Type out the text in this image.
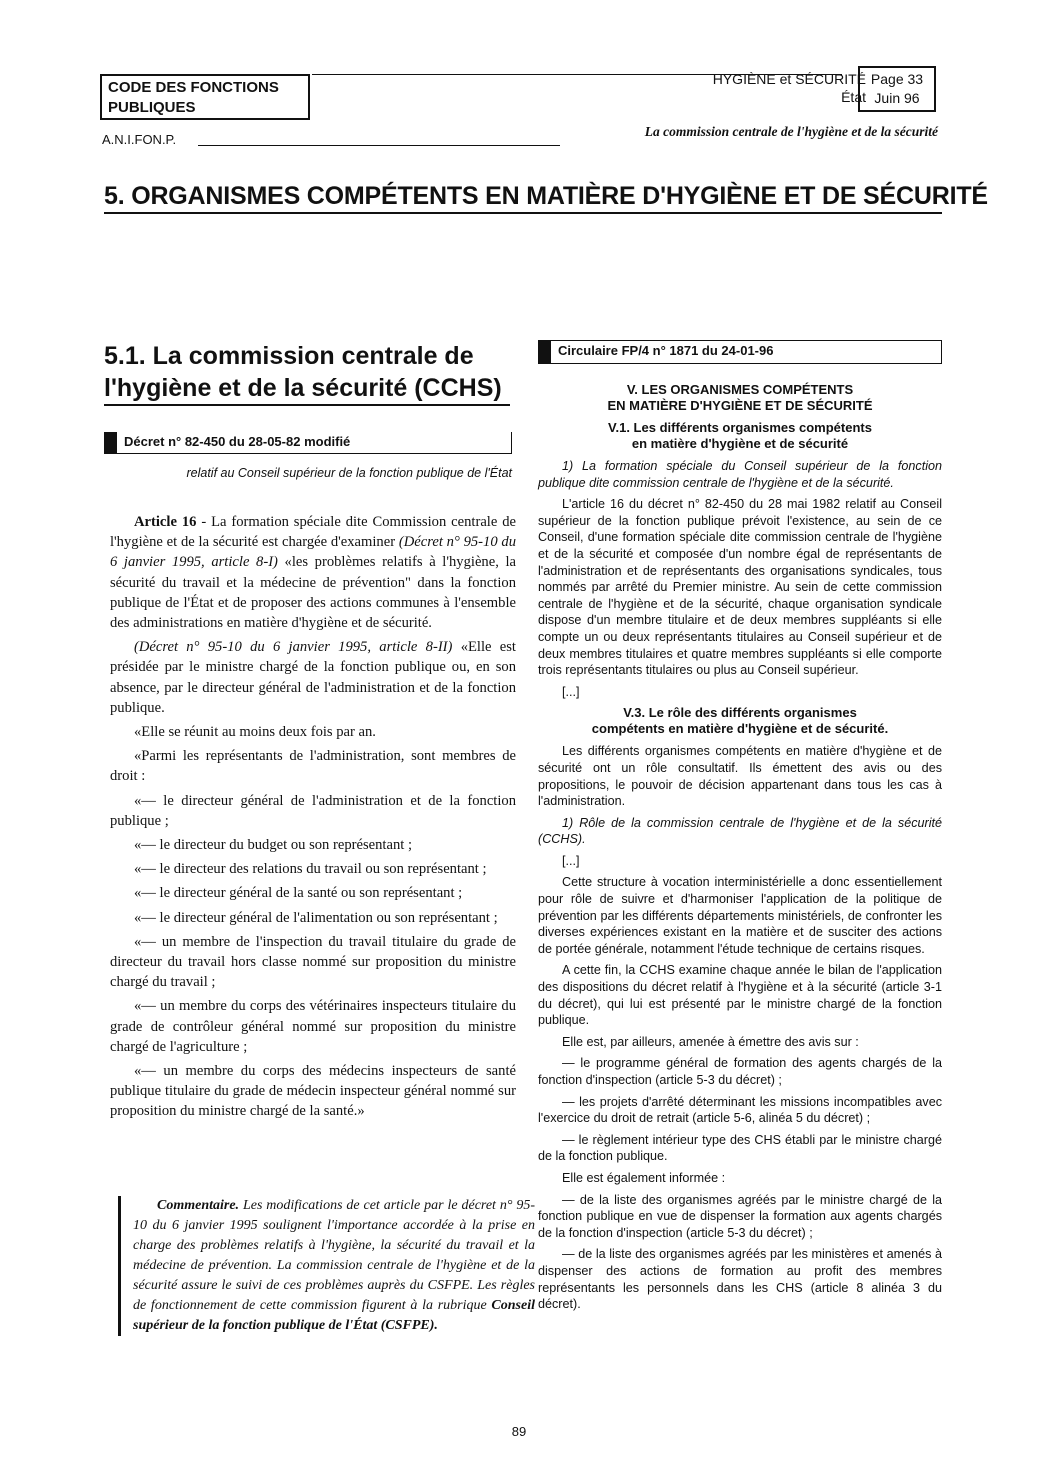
CODE DES FONCTIONS
PUBLIQUES
HYGIÈNE et SÉCURITÉ
État
Page 33
Juin 96
A.N.I.FON.P.
La commission centrale de l'hygiène et de la sécurité
5. ORGANISMES COMPÉTENTS EN MATIÈRE D'HYGIÈNE ET DE SÉCURITÉ
5.1. La commission centrale de
l'hygiène et de la sécurité (CCHS)
Décret n° 82-450 du 28-05-82 modifié
relatif au Conseil supérieur de la fonction publique de l'État

Article 16 - La formation spéciale dite Commission centrale de l'hygiène et de la sécurité est chargée d'examiner (Décret n° 95-10 du 6 janvier 1995, article 8-I) «les problèmes relatifs à l'hygiène, la sécurité du travail et la médecine de prévention" dans la fonction publique de l'État et de proposer des actions communes à l'ensemble des administrations en matière d'hygiène et de sécurité.

(Décret n° 95-10 du 6 janvier 1995, article 8-II) «Elle est présidée par le ministre chargé de la fonction publique ou, en son absence, par le directeur général de l'administration et de la fonction publique.

«Elle se réunit au moins deux fois par an.

«Parmi les représentants de l'administration, sont membres de droit :

«— le directeur général de l'administration et de la fonction publique ;

«— le directeur du budget ou son représentant ;

«— le directeur des relations du travail ou son représentant ;

«— le directeur général de la santé ou son représentant ;

«— le directeur général de l'alimentation ou son représentant ;

«— un membre de l'inspection du travail titulaire du grade de directeur du travail hors classe nommé sur proposition du ministre chargé du travail ;

«— un membre du corps des vétérinaires inspecteurs titulaire du grade de contrôleur général nommé sur proposition du ministre chargé de l'agriculture ;

«— un membre du corps des médecins inspecteurs de santé publique titulaire du grade de médecin inspecteur général nommé sur proposition du ministre chargé de la santé.»

Commentaire. Les modifications de cet article par le décret n° 95-10 du 6 janvier 1995 soulignent l'importance accordée à la prise en charge des problèmes relatifs à l'hygiène, la sécurité du travail et la médecine de prévention. La commission centrale de l'hygiène et de la sécurité assure le suivi de ces problèmes auprès du CSFPE. Les règles de fonctionnement de cette commission figurent à la rubrique Conseil supérieur de la fonction publique de l'État (CSFPE).
Circulaire FP/4 n° 1871 du 24-01-96
V. LES ORGANISMES COMPÉTENTS
EN MATIÈRE D'HYGIÈNE ET DE SÉCURITÉ
V.1. Les différents organismes compétents
en matière d'hygiène et de sécurité

1) La formation spéciale du Conseil supérieur de la fonction publique dite commission centrale de l'hygiène et de la sécurité.

L'article 16 du décret n° 82-450 du 28 mai 1982 relatif au Conseil supérieur de la fonction publique prévoit l'existence, au sein de ce Conseil, d'une formation spéciale dite commission centrale de l'hygiène et de la sécurité et composée d'un nombre égal de représentants de l'administration et de représentants des organisations syndicales, tous nommés par arrêté du Premier ministre. Au sein de cette commission centrale de l'hygiène et de la sécurité, chaque organisation syndicale dispose d'un membre titulaire et de deux membres suppléants si elle compte un ou deux représentants titulaires au Conseil supérieur et de deux membres titulaires et quatre membres suppléants si elle comporte trois représentants titulaires ou plus au Conseil supérieur.

[...]

V.3. Le rôle des différents organismes
compétents en matière d'hygiène et de sécurité.

Les différents organismes compétents en matière d'hygiène et de sécurité ont un rôle consultatif. Ils émettent des avis ou des propositions, le pouvoir de décision appartenant dans tous les cas à l'administration.

1) Rôle de la commission centrale de l'hygiène et de la sécurité (CCHS).

[...]

Cette structure à vocation interministérielle a donc essentiellement pour rôle de suivre et d'harmoniser l'application de la politique de prévention par les différents départements ministériels, de confronter les diverses expériences existant en la matière et de susciter des actions de portée générale, notamment l'étude technique de certains risques.

A cette fin, la CCHS examine chaque année le bilan de l'application des dispositions du décret relatif à l'hygiène et à la sécurité (article 3-1 du décret), qui lui est présenté par le ministre chargé de la fonction publique.

Elle est, par ailleurs, amenée à émettre des avis sur :

— le programme général de formation des agents chargés de la fonction d'inspection (article 5-3 du décret) ;

— les projets d'arrêté déterminant les missions incompatibles avec l'exercice du droit de retrait (article 5-6, alinéa 5 du décret) ;

— le règlement intérieur type des CHS établi par le ministre chargé de la fonction publique.

Elle est également informée :

— de la liste des organismes agréés par le ministre chargé de la fonction publique en vue de dispenser la formation aux agents chargés de la fonction d'inspection (article 5-3 du décret) ;

— de la liste des organismes agréés par les ministères et amenés à dispenser des actions de formation au profit des membres représentants les personnels dans les CHS (article 8 alinéa 3 du décret).

89
